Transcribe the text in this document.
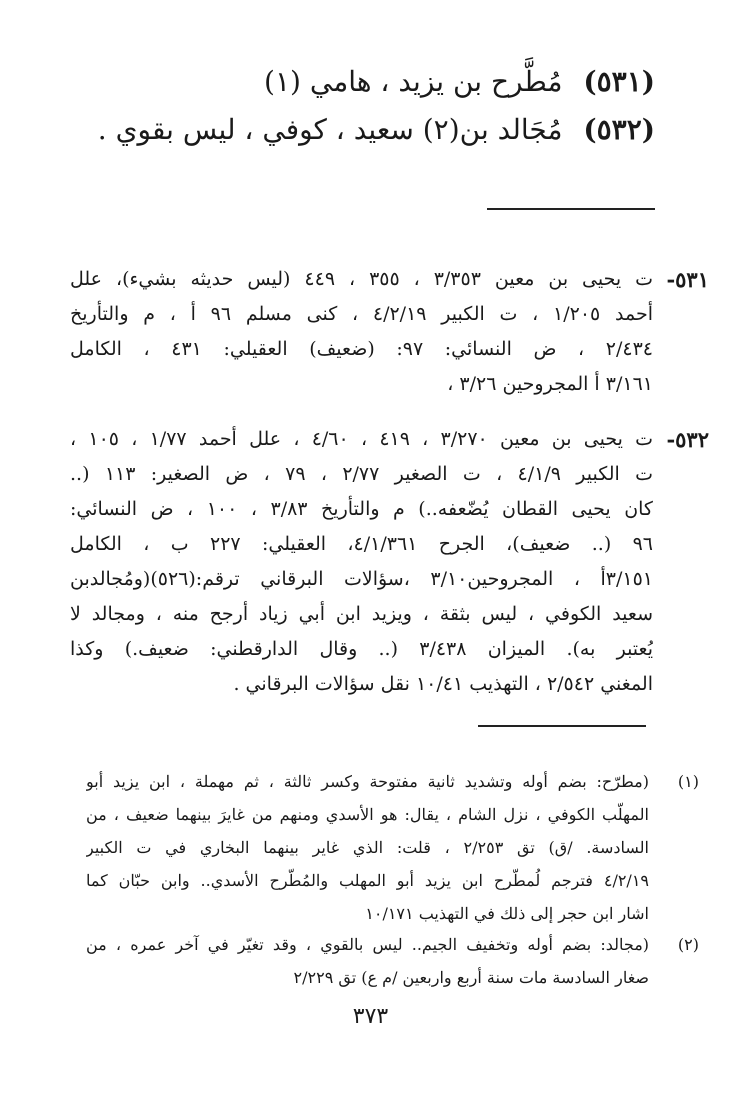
(٥٣١) مُطَّرح بن يزيد ، هامي (١)
(٥٣٢) مُجَالد بن(٢) سعيد ، كوفي ، ليس بقوي .
٥٣١-
ت يحيى بن معين ٣/٣٥٣ ، ٣٥٥ ، ٤٤٩ (ليس حديثه بشيء)، علل
أحمد ١/٢٠٥ ، ت الكبير ٤/٢/١٩ ، كنى مسلم ٩٦ أ ، م والتأريخ
٢/٤٣٤ ، ض النسائي: ٩٧: (ضعيف) العقيلي: ٤٣١ ، الكامل
٣/١٦١ أ المجروحين ٣/٢٦ ،
٥٣٢-
ت يحيى بن معين ٣/٢٧٠ ، ٤١٩ ، ٤/٦٠ ، علل أحمد ١/٧٧ ، ١٠٥ ،
ت الكبير ٤/١/٩ ، ت الصغير ٢/٧٧ ، ٧٩ ، ض الصغير: ١١٣ (..
كان يحيى القطان يُضّعفه..) م والتأريخ ٣/٨٣ ، ١٠٠ ، ض النسائي:
٩٦ (.. ضعيف)، الجرح ٤/١/٣٦١، العقيلي: ٢٢٧ ب ، الكامل
٣/١٥١أ ، المجروحين٣/١٠ ،سؤالات البرقاني ترقم:(٥٢٦)(ومُجالدبن
سعيد الكوفي ، ليس بثقة ، ويزيد ابن أبي زياد أرجح منه ، ومجالد لا
يُعتبر به). الميزان ٣/٤٣٨ (.. وقال الدارقطني: ضعيف.) وكذا
المغني ٢/٥٤٢ ، التهذيب ١٠/٤١ نقل سؤالات البرقاني .
(١)
(مطرّح: بضم أوله وتشديد ثانية مفتوحة وكسر ثالثة ، ثم مهملة ، ابن يزيد أبو
المهلّب الكوفي ، نزل الشام ، يقال: هو الأسدي ومنهم من غايرَ بينهما ضعيف ، من
السادسة. /ق) تق ٢/٢٥٣ ، قلت: الذي غاير بينهما البخاري في ت الكبير
٤/٢/١٩ فترجم لُمطّرح ابن يزيد أبو المهلب والمُطّرح الأسدي.. وابن حبّان كما
اشار ابن حجر إلى ذلك في التهذيب ١٠/١٧١
(٢)
(مجالد: بضم أوله وتخفيف الجيم.. ليس بالقوي ، وقد تغيّر في آخر عمره ، من
صغار السادسة مات سنة أربع واربعين /م ع) تق ٢/٢٢٩
٣٧٣
